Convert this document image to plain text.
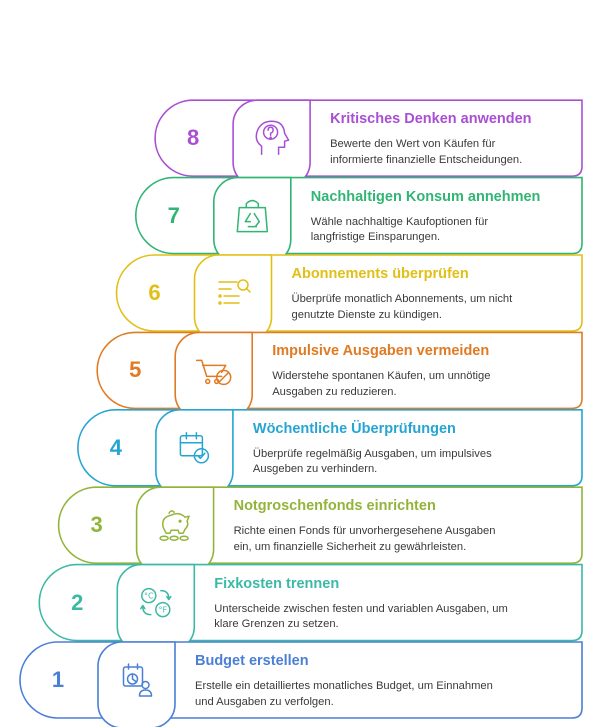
°C
°F
8
Kritisches Denken anwenden
Bewerte den Wert von Käufen für
informierte finanzielle Entscheidungen.
7
Nachhaltigen Konsum annehmen
Wähle nachhaltige Kaufoptionen für
langfristige Einsparungen.
6
Abonnements überprüfen
Überprüfe monatlich Abonnements, um nicht
genutzte Dienste zu kündigen.
5
Impulsive Ausgaben vermeiden
Widerstehe spontanen Käufen, um unnötige
Ausgaben zu reduzieren.
4
Wöchentliche Überprüfungen
Überprüfe regelmäßig Ausgaben, um impulsives
Ausgeben zu verhindern.
3
Notgroschenfonds einrichten
Richte einen Fonds für unvorhergesehene Ausgaben
ein, um finanzielle Sicherheit zu gewährleisten.
2
Fixkosten trennen
Unterscheide zwischen festen und variablen Ausgaben, um
klare Grenzen zu setzen.
1
Budget erstellen
Erstelle ein detailliertes monatliches Budget, um Einnahmen
und Ausgaben zu verfolgen.
